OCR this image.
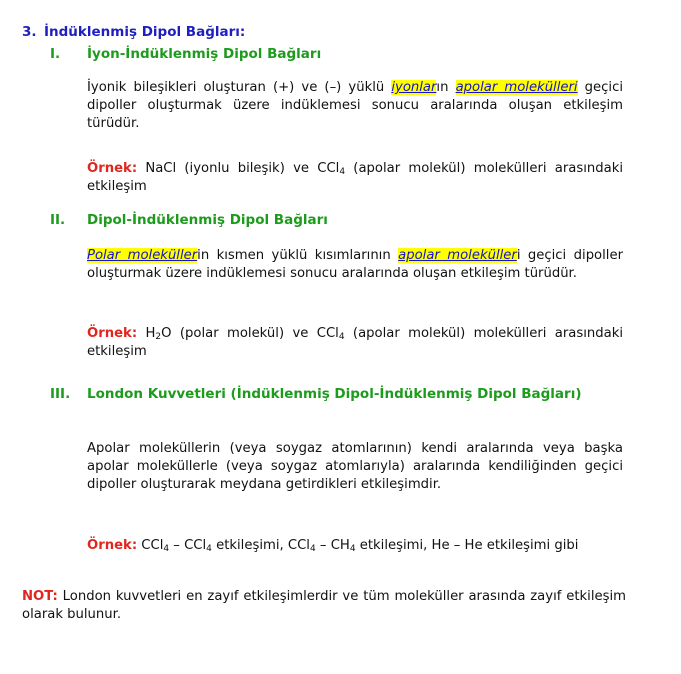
3. İndüklenmiş Dipol Bağları:
I. İyon-İndüklenmiş Dipol Bağları
İyonik bileşikleri oluşturan (+) ve (–) yüklü iyonların apolar molekülleri geçici dipoller oluşturmak üzere indüklemesi sonucu aralarında oluşan etkileşim türüdür.
Örnek: NaCl (iyonlu bileşik) ve CCl$_4$ (apolar molekül) molekülleri arasındaki etkileşim
II. Dipol-İndüklenmiş Dipol Bağları
Polar moleküllerin kısmen yüklü kısımlarının apolar molekülleri geçici dipoller oluşturmak üzere indüklemesi sonucu aralarında oluşan etkileşim türüdür.
Örnek: $H_2O$ (polar molekül) ve CCl$_4$ (apolar molekül) molekülleri arasındaki etkileşim
III. London Kuvvetleri (İndüklenmiş Dipol-İndüklenmiş Dipol Bağları)
Apolar moleküllerin (veya soygaz atomlarının) kendi aralarında veya başka apolar moleküllerle (veya soygaz atomlarıyla) aralarında kendiliğinden geçici dipoller oluşturarak meydana getirdikleri etkileşimdir.
Örnek: CCl$_4$ – CCl$_4$ etkileşimi, $CCl_4 - CH_4$ etkileşimi, He – He etkileşimi gibi
NOT: London kuvvetleri en zayıf etkileşimlerdir ve tüm moleküller arasında zayıf etkileşim olarak bulunur.
